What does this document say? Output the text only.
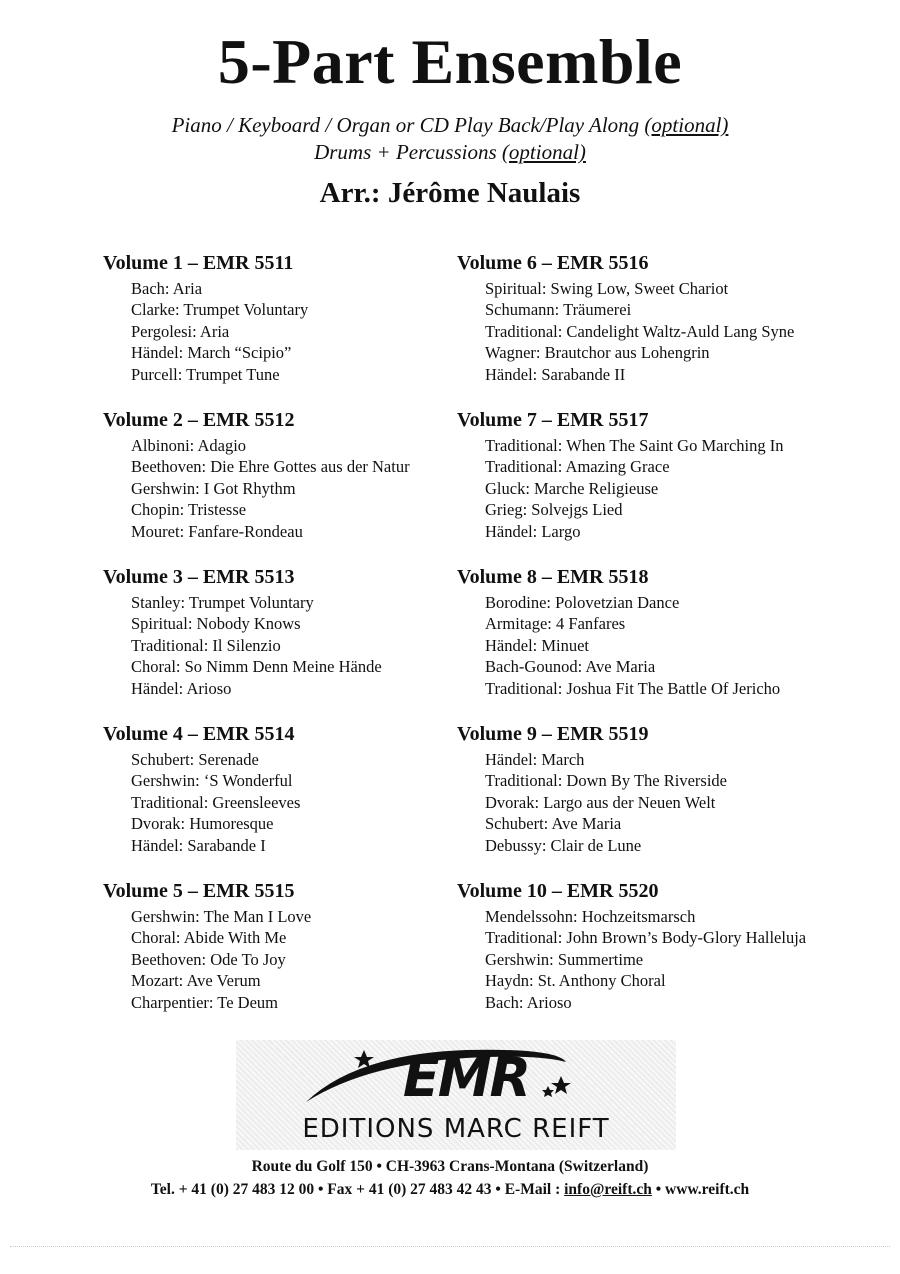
5-Part Ensemble
Piano / Keyboard / Organ or CD Play Back/Play Along (optional)
Drums + Percussions (optional)
Arr.: Jérôme Naulais
Volume 1 – EMR 5511
Bach: Aria
Clarke: Trumpet Voluntary
Pergolesi: Aria
Händel: March “Scipio”
Purcell: Trumpet Tune
Volume 2 – EMR 5512
Albinoni: Adagio
Beethoven: Die Ehre Gottes aus der Natur
Gershwin: I Got Rhythm
Chopin: Tristesse
Mouret: Fanfare-Rondeau
Volume 3 – EMR 5513
Stanley: Trumpet Voluntary
Spiritual: Nobody Knows
Traditional: Il Silenzio
Choral: So Nimm Denn Meine Hände
Händel: Arioso
Volume 4 – EMR 5514
Schubert: Serenade
Gershwin: ‘S Wonderful
Traditional: Greensleeves
Dvorak: Humoresque
Händel: Sarabande I
Volume 5 – EMR 5515
Gershwin: The Man I Love
Choral: Abide With Me
Beethoven: Ode To Joy
Mozart: Ave Verum
Charpentier: Te Deum
Volume 6 – EMR 5516
Spiritual: Swing Low, Sweet Chariot
Schumann: Träumerei
Traditional: Candelight Waltz-Auld Lang Syne
Wagner: Brautchor aus Lohengrin
Händel: Sarabande II
Volume 7 – EMR 5517
Traditional: When The Saint Go Marching In
Traditional: Amazing Grace
Gluck: Marche Religieuse
Grieg: Solvejgs Lied
Händel: Largo
Volume 8 – EMR 5518
Borodine: Polovetzian Dance
Armitage: 4 Fanfares
Händel: Minuet
Bach-Gounod: Ave Maria
Traditional: Joshua Fit The Battle Of Jericho
Volume 9 – EMR 5519
Händel: March
Traditional: Down By The Riverside
Dvorak: Largo aus der Neuen Welt
Schubert: Ave Maria
Debussy: Clair de Lune
Volume 10 – EMR 5520
Mendelssohn: Hochzeitsmarsch
Traditional: John Brown’s Body-Glory Halleluja
Gershwin: Summertime
Haydn: St. Anthony Choral
Bach: Arioso
EMR
EDITIONS MARC REIFT
Route du Golf 150 • CH-3963 Crans-Montana (Switzerland)
Tel. + 41 (0) 27 483 12 00 • Fax + 41 (0) 27 483 42 43 • E-Mail : info@reift.ch • www.reift.ch
